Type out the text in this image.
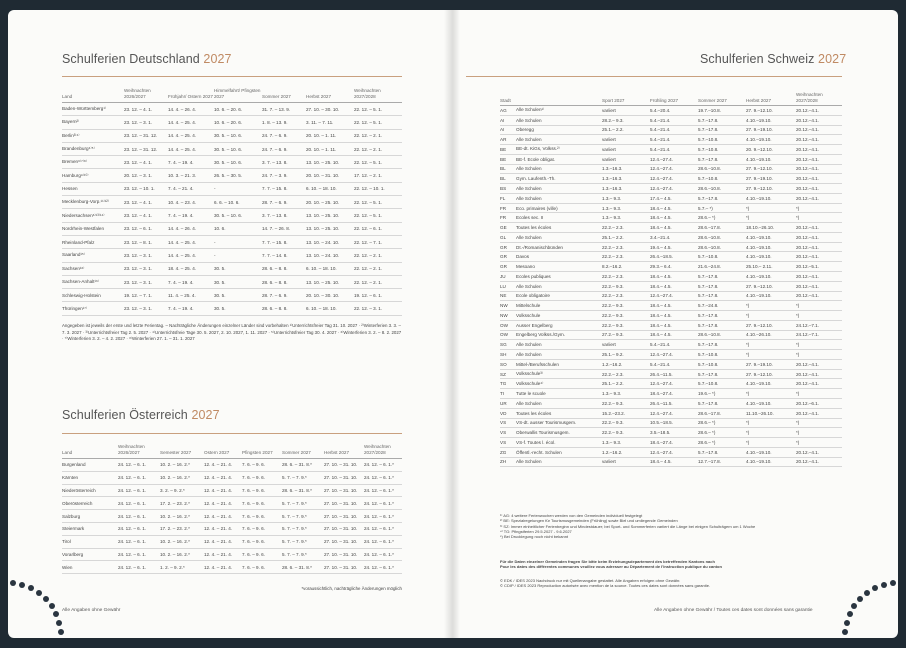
Schulferien Deutschland 2027
Land	Weihnachten 2026/2027	Frühjahr/ Ostern 2027	Himmelfahrt/ Pfingsten 2027	Sommer 2027	Herbst 2027	Weihnachten 2027/2028
Baden-Württemberg¹⁾	23. 12. – 4. 1.	14. 4. – 26. 4.	10. 6. – 20. 6.	31. 7. – 13. 9.	27. 10. – 30. 10.	22. 12. – 5. 1.
Bayern²⁾	23. 12. – 3. 1.	14. 4. – 25. 4.	10. 6. – 20. 6.	1. 8. – 13. 9.	3. 11. – 7. 11.	22. 12. – 5. 1.
Berlin³⁾⁴⁾	23. 12. – 31. 12.	14. 4. – 25. 4.	30. 5. – 10. 6.	24. 7. – 6. 9.	20. 10. – 1. 11.	22. 12. – 2. 1.
Brandenburg⁴⁾⁵⁾	23. 12. – 31. 12.	14. 4. – 25. 4.	30. 5. – 10. 6.	24. 7. – 6. 9.	20. 10. – 1. 11.	22. 12. – 2. 1.
Bremen⁶⁾⁷⁾⁸⁾	23. 12. – 4. 1.	7. 4. – 19. 4.	30. 5. – 10. 6.	3. 7. – 13. 8.	13. 10. – 25. 10.	22. 12. – 5. 1.
Hamburg⁹⁾¹⁰⁾	20. 12. – 3. 1.	10. 3. – 21. 3.	26. 5. – 30. 5.	24. 7. – 3. 9.	20. 10. – 31. 10.	17. 12. – 2. 1.
Hessen	23. 12. – 10. 1.	7. 4. – 21. 4.	-	7. 7. – 15. 8.	6. 10. – 18. 10.	22. 12. – 10. 1.
Mecklenburg-Vorp.¹¹⁾¹²⁾	23. 12. – 4. 1.	10. 4. – 23. 4.	6. 6. – 10. 6.	28. 7. – 6. 9.	20. 10. – 25. 10.	22. 12. – 5. 1.
Niedersachsen⁶⁾¹³⁾¹⁴⁾	23. 12. – 4. 1.	7. 4. – 19. 4.	30. 5. – 10. 6.	3. 7. – 13. 8.	13. 10. – 25. 10.	22. 12. – 5. 1.
Nordrhein-Westfalen	23. 12. – 6. 1.	14. 4. – 26. 4.	10. 6.	14. 7. – 26. 8.	13. 10. – 25. 10.	22. 12. – 6. 1.
Rheinland-Pfalz	23. 12. – 8. 1.	14. 4. – 25. 4.	-	7. 7. – 15. 8.	13. 10. – 24. 10.	22. 12. – 7. 1.
Saarland¹⁵⁾	23. 12. – 3. 1.	14. 4. – 25. 4.	-	7. 7. – 14. 8.	13. 10. – 24. 10.	22. 12. – 2. 1.
Sachsen¹⁶⁾	23. 12. – 3. 1.	18. 4. – 25. 4.	30. 5.	28. 6. – 8. 8.	6. 10. – 18. 10.	22. 12. – 2. 1.
Sachsen-Anhalt¹⁶⁾	23. 12. – 3. 1.	7. 4. – 19. 4.	30. 5.	28. 6. – 8. 8.	13. 10. – 25. 10.	22. 12. – 2. 1.
Schleswig-Holstein	19. 12. – 7. 1.	11. 4. – 25. 4.	30. 5.	28. 7. – 6. 9.	20. 10. – 30. 10.	19. 12. – 6. 1.
Thüringen¹⁷⁾	23. 12. – 3. 1.	7. 4. – 19. 4.	30. 5.	28. 6. – 8. 8.	6. 10. – 18. 10.	22. 12. – 3. 1.
Angegeben ist jeweils der erste und letzte Ferientag. – Nachträgliche Änderungen einzelner Länder sind vorbehalten ¹⁾Unterrichtsfreier Tag 31. 10. 2027 · ²⁾Winterferien 3. 3. – 7. 3. 2027 · ³⁾Unterrichtsfreier Tag 2. 5. 2027 · ⁴⁾Unterrichtsfreie Tage 30. 5. 2027, 2. 10. 2027, 1. 11. 2027 · ⁵⁾Unterrichtsfreier Tag 30. 4. 2027 · ⁶⁾Winterferien 3. 2. – 8. 2. 2027 · ⁷⁾Winterferien 3. 2. – 4. 2. 2027 · ⁸⁾Winterferien 27. 1. – 31. 1. 2027
Schulferien Österreich 2027
Land	Weihnachten 2026/2027	Semester 2027	Ostern 2027	Pfingsten 2027	Sommer 2027	Herbst 2027	Weihnachten 2027/2028
Burgenland	24. 12. – 6. 1.	10. 2. – 16. 2.*	12. 4. – 21. 4.	7. 6. – 9. 6.	28. 6. – 31. 8.*	27. 10. – 31. 10.	24. 12. – 6. 1.*
Kärnten	24. 12. – 6. 1.	10. 2. – 16. 2.*	12. 4. – 21. 4.	7. 6. – 9. 6.	5. 7. – 7. 9.*	27. 10. – 31. 10.	24. 12. – 6. 1.*
Niederösterreich	24. 12. – 6. 1.	3. 2. – 9. 2.*	12. 4. – 21. 4.	7. 6. – 9. 6.	28. 6. – 31. 8.*	27. 10. – 31. 10.	24. 12. – 6. 1.*
Oberösterreich	24. 12. – 6. 1.	17. 2. – 23. 2.*	12. 4. – 21. 4.	7. 6. – 9. 6.	5. 7. – 7. 9.*	27. 10. – 31. 10.	24. 12. – 6. 1.*
Salzburg	24. 12. – 6. 1.	10. 2. – 16. 2.*	12. 4. – 21. 4.	7. 6. – 9. 6.	5. 7. – 7. 9.*	27. 10. – 31. 10.	24. 12. – 6. 1.*
Steiermark	24. 12. – 6. 1.	17. 2. – 23. 2.*	12. 4. – 21. 4.	7. 6. – 9. 6.	5. 7. – 7. 9.*	27. 10. – 31. 10.	24. 12. – 6. 1.*
Tirol	24. 12. – 6. 1.	10. 2. – 16. 2.*	12. 4. – 21. 4.	7. 6. – 9. 6.	5. 7. – 7. 9.*	27. 10. – 31. 10.	24. 12. – 6. 1.*
Vorarlberg	24. 12. – 6. 1.	10. 2. – 16. 2.*	12. 4. – 21. 4.	7. 6. – 9. 6.	5. 7. – 7. 9.*	27. 10. – 31. 10.	24. 12. – 6. 1.*
Wien	24. 12. – 6. 1.	1. 2. – 9. 2.*	12. 4. – 21. 4.	7. 6. – 9. 6.	28. 6. – 31. 8.*	27. 10. – 31. 10.	24. 12. – 6. 1.*
*voraussichtlich, nachträgliche Änderungen möglich
Alle Angaben ohne Gewähr
Schulferien Schweiz 2027
Stadt		Sport 2027	Frühling 2027	Sommer 2027	Herbst 2027	Weihnachten 2027/2028
AG	Alle Schulen¹⁾	variiert	5.4.–20.4.	19.7.–10.8.	27. 9.–12.10.	20.12.–4.1.
AI	Alle Schulen	28.2.– 9.3.	5.4.–21.4.	5.7.–17.8.	4.10.–19.10.	20.12.–4.1.
AI	Oberegg	25.1.– 2.2.	5.4.–21.4.	5.7.–17.8.	27. 9.–19.10.	20.12.–4.1.
AR	Alle Schulen	variiert	5.4.–21.4.	5.7.–10.8.	4.10.–19.10.	20.12.–4.1.
BE	BE-dt. KiGs, Volkss.²⁾	variiert	5.4.–21.4.	5.7.–10.8.	20. 9.–12.10.	20.12.–4.1.
BE	BE-f. Ecole obligat.	variiert	12.4.–27.4.	5.7.–17.8.	4.10.–19.10.	20.12.–4.1.
BL	Alle Schulen	1.3.–16.3.	12.4.–27.4.	28.6.–10.8.	27. 9.–12.10.	20.12.–4.1.
BL	Gym. Laufenth.-Th.	1.3.–16.3.	12.4.–27.4.	5.7.–10.8.	27. 9.–19.10.	20.12.–4.1.
BS	Alle Schulen	1.3.–16.3.	12.4.–27.4.	28.6.–10.8.	27. 9.–12.10.	20.12.–4.1.
FL	Alle Schulen	1.3.– 9.3.	17.4.– 4.5.	5.7.–17.8.	4.10.–19.10.	20.12.–4.1.
FR	Eco. primaires (ville)	1.3.– 9.3.	18.4.– 4.5.	5.7.– *)	*)	*)
FR	Ecoles sec. II	1.3.– 9.3.	18.4.– 4.5.	28.6.– *)	*)	*)
GE	Toutes les écoles	22.2.– 2.3.	18.4.– 4.5.	28.6.–17.8.	18.10.–26.10.	20.12.–4.1.
GL	Alle Schulen	25.1.– 2.2.	3.4.–21.4.	28.6.–10.8.	4.10.–19.10.	20.12.–4.1.
GR	Dt.-/Romanischbünden	22.2.– 2.3.	19.4.– 4.5.	28.6.–10.8.	4.10.–19.10.	20.12.–4.1.
GR	Davos	22.2.– 2.3.	26.4.–18.5.	5.7.–10.8.	4.10.–19.10.	20.12.–4.1.
GR	Mesoano	8.2.–16.2.	29.3.– 6.4.	21.6.–24.8.	25.10.– 2.11.	20.12.–5.1.
JU	Ecoles publiques	22.2.– 2.3.	18.4.– 4.5.	5.7.–17.8.	4.10.–19.10.	20.12.–4.1.
LU	Alle Schulen	22.2.– 9.3.	18.4.– 4.5.	5.7.–17.8.	27. 9.–12.10.	20.12.–4.1.
NE	Ecole obligatoire	22.2.– 2.3.	12.4.–27.4.	5.7.–17.8.	4.10.–19.10.	20.12.–4.1.
NW	Mittelschule	22.2.– 9.3.	18.4.– 4.5.	5.7.–24.8.	*)	*)
NW	Volksschule	22.2.– 9.3.	18.4.– 4.5.	5.7.–17.8.	*)	*)
OW	Ausser Engelberg	22.2.– 9.3.	18.4.– 4.5.	5.7.–17.8.	27. 9.–12.10.	24.12.–7.1.
OW	Engelberg Volkss./Gym.	27.2.– 9.3.	18.4.– 4.5.	28.6.–10.8.	4.10.–26.10.	24.12.–7.1.
SG	Alle Schulen	variiert	5.4.–21.4.	5.7.–17.8.	*)	*)
SH	Alle Schulen	25.1.– 9.2.	12.4.–27.4.	5.7.–10.8.	*)	*)
SO	Mittel-/Berufsschulen	1.2.–16.2.	5.4.–21.4.	5.7.–10.8.	27. 9.–19.10.	20.12.–4.1.
SZ	Volksschule³⁾	22.2.– 2.3.	26.4.–11.5.	5.7.–17.8.	27. 9.–12.10.	20.12.–4.1.
TG	Volksschule⁴⁾	25.1.– 2.2.	12.4.–27.4.	5.7.–10.8.	4.10.–19.10.	20.12.–4.1.
TI	Tutte le scuole	1.3.– 9.3.	18.4.–27.4.	19.6.– *)	*)	*)
UR	Alle Schulen	22.2.– 9.3.	26.4.–11.5.	5.7.–17.8.	4.10.–19.10.	20.12.–6.1.
VD	Toutes les écoles	15.2.–23.2.	12.4.–27.4.	28.6.–17.8.	11.10.–26.10.	20.12.–4.1.
VS	VS-dt. ausser Tourismusgem.	22.2.– 9.3.	10.5.–18.5.	28.6.– *)	*)	*)
VS	Oberwallis Tourismusgem.	22.2.– 9.3.	3.5.–18.5.	28.6.– *)	*)	*)
VS	VS-f. Toutes l. écol.	1.3.– 9.3.	18.4.–27.4.	28.6.– *)	*)	*)
ZG	Öffentl.-recht. Schulen	1.2.–16.2.	12.4.–27.4.	5.7.–17.8.	4.10.–19.10.	20.12.–4.1.
ZH	Alle Schulen	variiert	18.4.– 4.5.	12.7.–17.8.	4.10.–19.10.	20.12.–4.1.

¹⁾ AG: 4 weitere Ferienwochen werden von den Gemeinden individuell festgelegt

²⁾ BE: Spezialregelungen für Tourismusgemeinden (Frühling) sowie Biel und umliegende Gemeinden

³⁾ SZ: Immer einheitlicher Ferienbeginn und Mindestdauer; bei Sport- und Sommerferien variiert die Länge bei einigen Schulträgern um 1 Woche

⁴⁾ TG: Pfingstferien 29.5.2027 - 9.6.2027

*) Bei Drucklegung noch nicht bekannt

Für die Daten einzelner Gemeinden fragen Sie bitte beim Erziehungsdepartement des betreffenden Kantons nach

Pour les dates des différentes communes veuillez vous adresser au Département de l'Instruction publique du canton

© EDK / IDES 2023 Nachdruck nur mit Quellenangabe gestattet. Alle Angaben erfolgen ohne Gewähr.

© CDIP / IDES 2023 Reproduction autorisée avec mention de la source. Toutes ces dates sont données sans garantie.

Alle Angaben ohne Gewähr / Toutes ces dates sont données sans garantie
